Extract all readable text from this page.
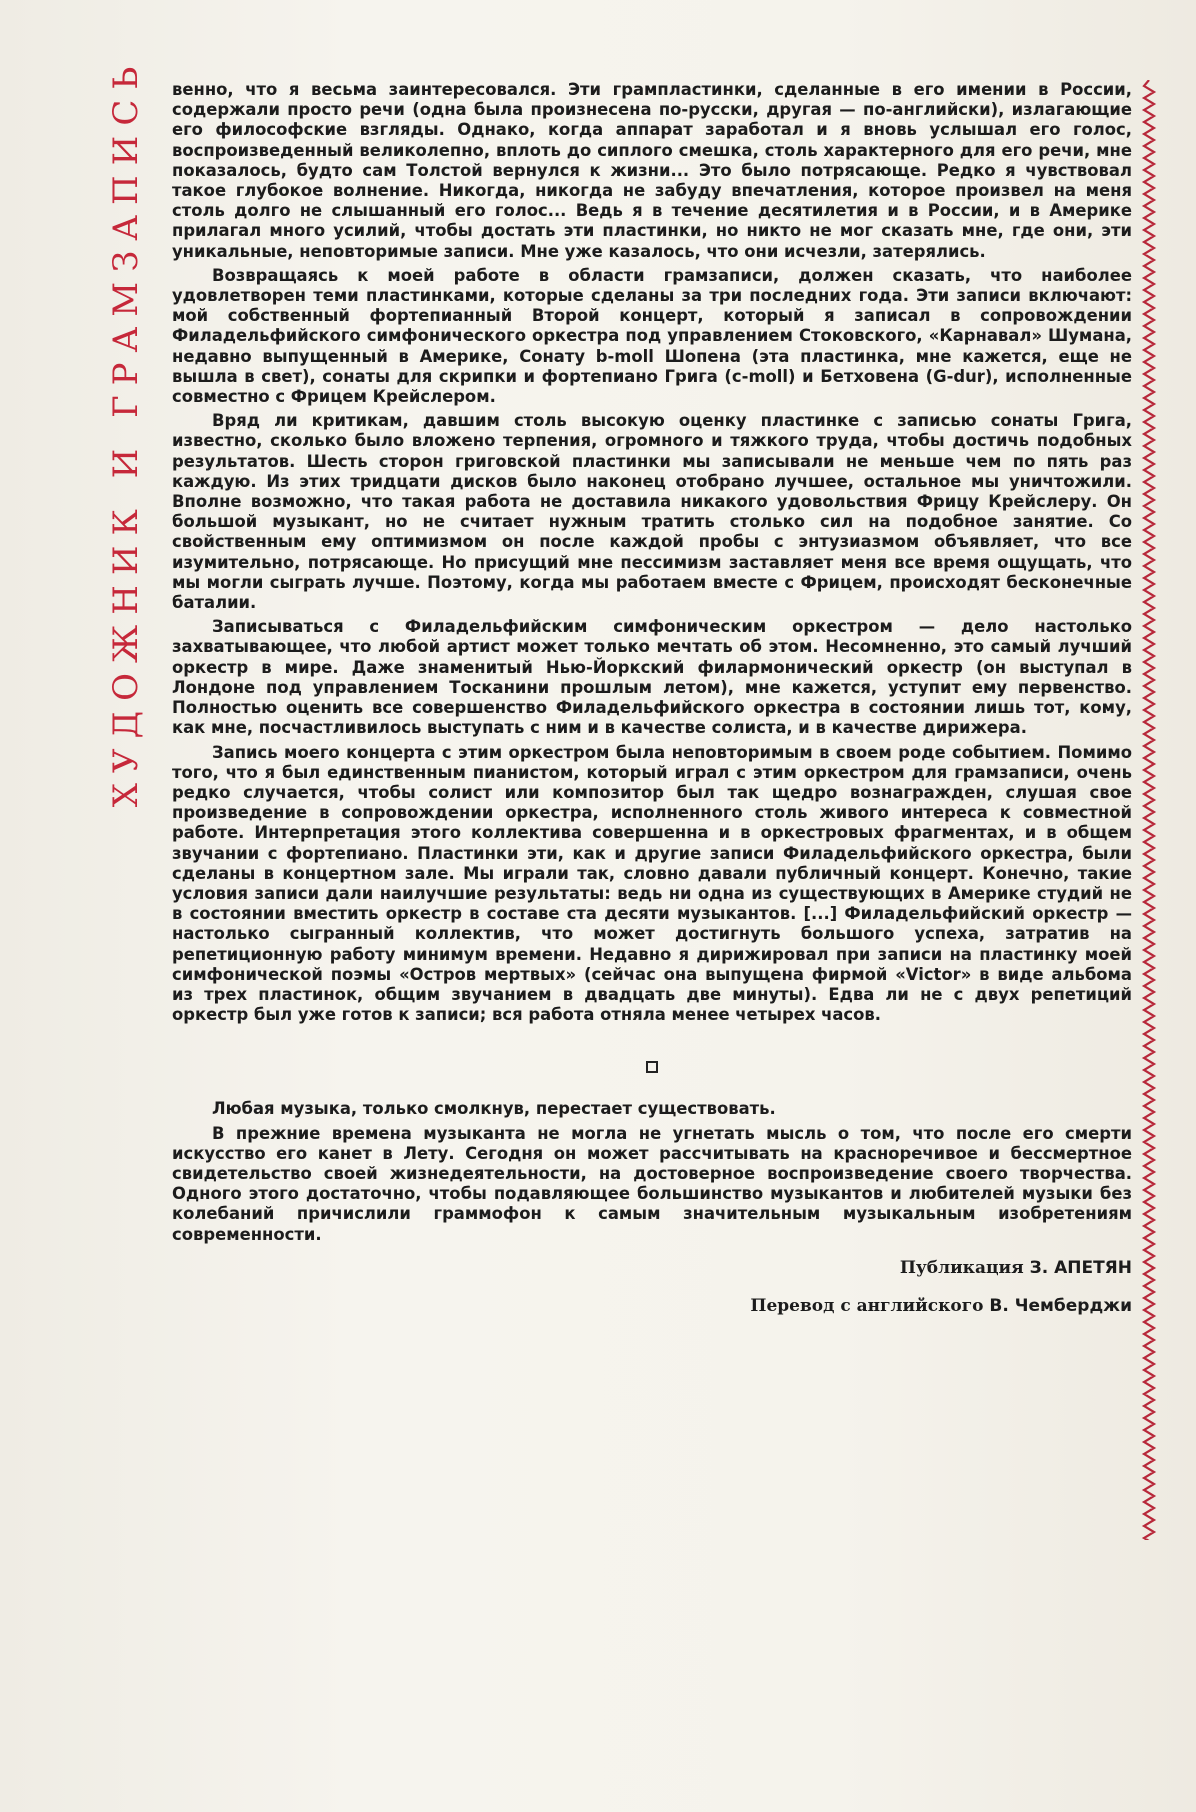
ХУДОЖНИК И ГРАМЗАПИСЬ венно, что я весьма заинтересовался. Эти грампластинки, сделанные в его имении в России, содержали просто речи (одна была произнесена по-русски, другая — по-английски), излагающие его философские взгляды. Однако, когда аппарат заработал и я вновь услышал его голос, воспроизведенный великолепно, вплоть до сиплого смешка, столь характерного для его речи, мне показалось, будто сам Толстой вернулся к жизни... Это было потрясающе. Редко я чувствовал такое глубокое волнение. Никогда, никогда не забуду впечатления, которое произвел на меня столь долго не слышанный его голос... Ведь я в течение десятилетия и в России, и в Америке прилагал много усилий, чтобы достать эти пластинки, но никто не мог сказать мне, где они, эти уникальные, неповторимые записи. Мне уже казалось, что они исчезли, затерялись.

Возвращаясь к моей работе в области грамзаписи, должен сказать, что наиболее удовлетворен теми пластинками, которые сделаны за три последних года. Эти записи включают: мой собственный фортепианный Второй концерт, который я записал в сопровождении Филадельфийского симфонического оркестра под управлением Стоковского, «Карнавал» Шумана, недавно выпущенный в Америке, Сонату b-moll Шопена (эта пластинка, мне кажется, еще не вышла в свет), сонаты для скрипки и фортепиано Грига (c-moll) и Бетховена (G-dur), исполненные совместно с Фрицем Крейслером.

Вряд ли критикам, давшим столь высокую оценку пластинке с записью сонаты Грига, известно, сколько было вложено терпения, огромного и тяжкого труда, чтобы достичь подобных результатов. Шесть сторон григовской пластинки мы записывали не меньше чем по пять раз каждую. Из этих тридцати дисков было наконец отобрано лучшее, остальное мы уничтожили. Вполне возможно, что такая работа не доставила никакого удовольствия Фрицу Крейслеру. Он большой музыкант, но не считает нужным тратить столько сил на подобное занятие. Со свойственным ему оптимизмом он после каждой пробы с энтузиазмом объявляет, что все изумительно, потрясающе. Но присущий мне пессимизм заставляет меня все время ощущать, что мы могли сыграть лучше. Поэтому, когда мы работаем вместе с Фрицем, происходят бесконечные баталии.

Записываться с Филадельфийским симфоническим оркестром — дело настолько захватывающее, что любой артист может только мечтать об этом. Несомненно, это самый лучший оркестр в мире. Даже знаменитый Нью-Йоркский филармонический оркестр (он выступал в Лондоне под управлением Тосканини прошлым летом), мне кажется, уступит ему первенство. Полностью оценить все совершенство Филадельфийского оркестра в состоянии лишь тот, кому, как мне, посчастливилось выступать с ним и в качестве солиста, и в качестве дирижера.

Запись моего концерта с этим оркестром была неповторимым в своем роде событием. Помимо того, что я был единственным пианистом, который играл с этим оркестром для грамзаписи, очень редко случается, чтобы солист или композитор был так щедро вознагражден, слушая свое произведение в сопровождении оркестра, исполненного столь живого интереса к совместной работе. Интерпретация этого коллектива совершенна и в оркестровых фрагментах, и в общем звучании с фортепиано. Пластинки эти, как и другие записи Филадельфийского оркестра, были сделаны в концертном зале. Мы играли так, словно давали публичный концерт. Конечно, такие условия записи дали наилучшие результаты: ведь ни одна из существующих в Америке студий не в состоянии вместить оркестр в составе ста десяти музыкантов. [...] Филадельфийский оркестр — настолько сыгранный коллектив, что может достигнуть большого успеха, затратив на репетиционную работу минимум времени. Недавно я дирижировал при записи на пластинку моей симфонической поэмы «Остров мертвых» (сейчас она выпущена фирмой «Victor» в виде альбома из трех пластинок, общим звучанием в двадцать две минуты). Едва ли не с двух репетиций оркестр был уже готов к записи; вся работа отняла менее четырех часов.

Любая музыка, только смолкнув, перестает существовать.

В прежние времена музыканта не могла не угнетать мысль о том, что после его смерти искусство его канет в Лету. Сегодня он может рассчитывать на красноречивое и бессмертное свидетельство своей жизнедеятельности, на достоверное воспроизведение своего творчества. Одного этого достаточно, чтобы подавляющее большинство музыкантов и любителей музыки без колебаний причислили граммофон к самым значительным музыкальным изобретениям современности.

Публикация З. АПЕТЯН
Перевод с английского В. Чемберджи
